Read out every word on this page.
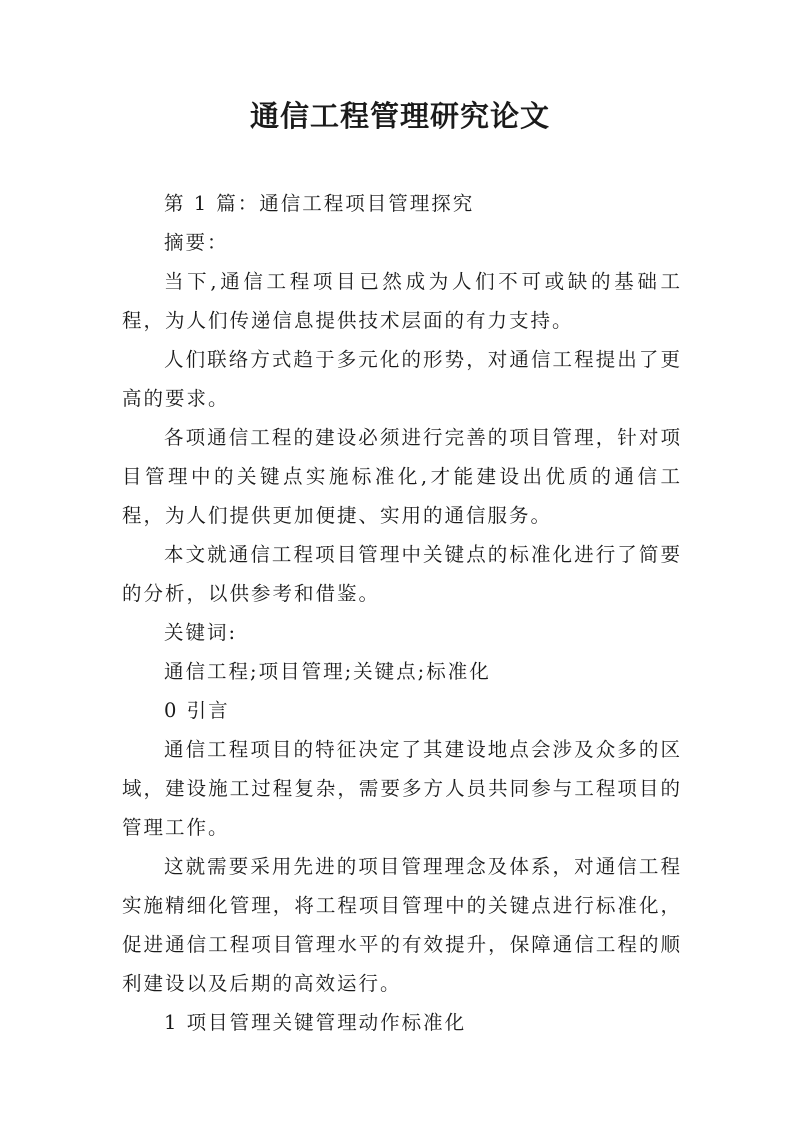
通信工程管理研究论文

第 1 篇：通信工程项目管理探究

摘要：

当下,通信工程项目已然成为人们不可或缺的基础工程，为人们传递信息提供技术层面的有力支持。

人们联络方式趋于多元化的形势，对通信工程提出了更高的要求。

各项通信工程的建设必须进行完善的项目管理，针对项目管理中的关键点实施标准化,才能建设出优质的通信工程，为人们提供更加便捷、实用的通信服务。

本文就通信工程项目管理中关键点的标准化进行了简要的分析，以供参考和借鉴。

关键词:

通信工程;项目管理;关键点;标准化

0 引言

通信工程项目的特征决定了其建设地点会涉及众多的区域，建设施工过程复杂，需要多方人员共同参与工程项目的管理工作。

这就需要采用先进的项目管理理念及体系，对通信工程实施精细化管理，将工程项目管理中的关键点进行标准化，促进通信工程项目管理水平的有效提升，保障通信工程的顺利建设以及后期的高效运行。

1 项目管理关键管理动作标准化
